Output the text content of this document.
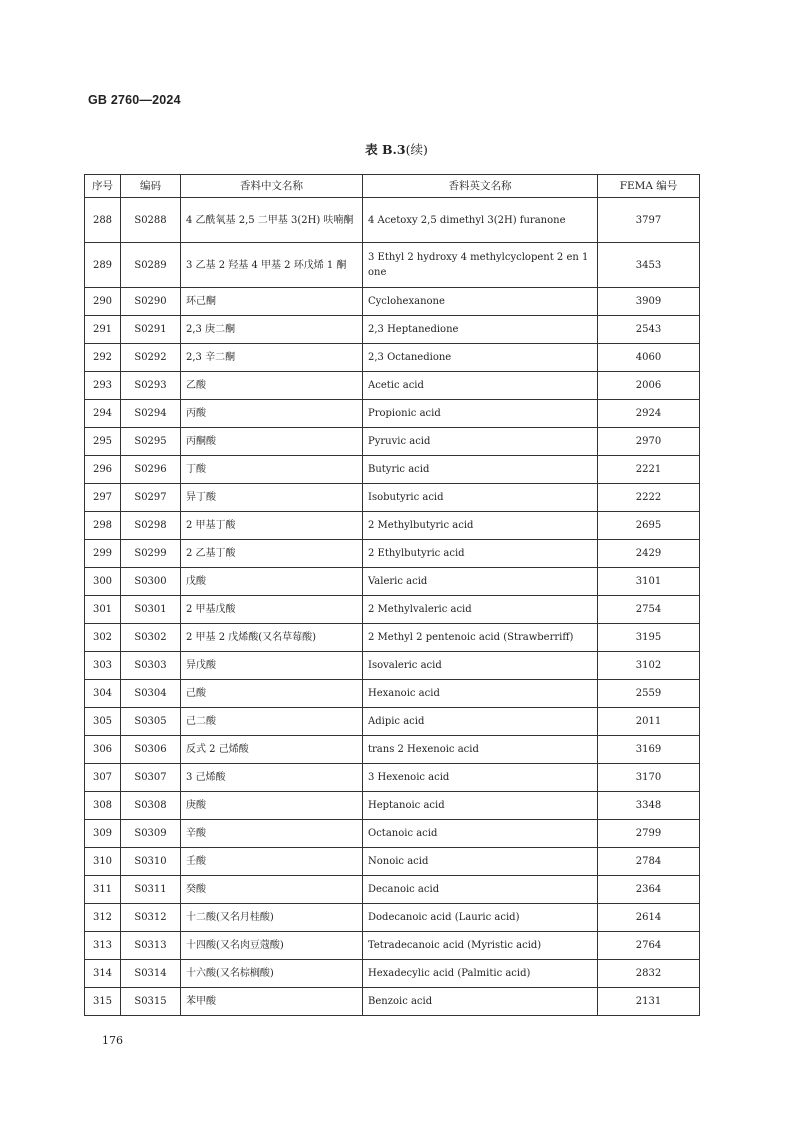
GB 2760—2024
表 B.3(续)
序号	编码	香料中文名称	香料英文名称	FEMA 编号
288	S0288	4 乙酰氧基 2,5 二甲基 3(2H) 呋喃酮	4 Acetoxy 2,5 dimethyl 3(2H) furanone	3797
289	S0289	3 乙基 2 羟基 4 甲基 2 环戊烯 1 酮	3 Ethyl 2 hydroxy 4 methylcyclopent 2 en 1 one	3453
290	S0290	环己酮	Cyclohexanone	3909
291	S0291	2,3 庚二酮	2,3 Heptanedione	2543
292	S0292	2,3 辛二酮	2,3 Octanedione	4060
293	S0293	乙酸	Acetic acid	2006
294	S0294	丙酸	Propionic acid	2924
295	S0295	丙酮酸	Pyruvic acid	2970
296	S0296	丁酸	Butyric acid	2221
297	S0297	异丁酸	Isobutyric acid	2222
298	S0298	2 甲基丁酸	2 Methylbutyric acid	2695
299	S0299	2 乙基丁酸	2 Ethylbutyric acid	2429
300	S0300	戊酸	Valeric acid	3101
301	S0301	2 甲基戊酸	2 Methylvaleric acid	2754
302	S0302	2 甲基 2 戊烯酸(又名草莓酸)	2 Methyl 2 pentenoic acid (Strawberriff)	3195
303	S0303	异戊酸	Isovaleric acid	3102
304	S0304	己酸	Hexanoic acid	2559
305	S0305	己二酸	Adipic acid	2011
306	S0306	反式 2 己烯酸	trans 2 Hexenoic acid	3169
307	S0307	3 己烯酸	3 Hexenoic acid	3170
308	S0308	庚酸	Heptanoic acid	3348
309	S0309	辛酸	Octanoic acid	2799
310	S0310	壬酸	Nonoic acid	2784
311	S0311	癸酸	Decanoic acid	2364
312	S0312	十二酸(又名月桂酸)	Dodecanoic acid (Lauric acid)	2614
313	S0313	十四酸(又名肉豆蔻酸)	Tetradecanoic acid (Myristic acid)	2764
314	S0314	十六酸(又名棕榈酸)	Hexadecylic acid (Palmitic acid)	2832
315	S0315	苯甲酸	Benzoic acid	2131
176
